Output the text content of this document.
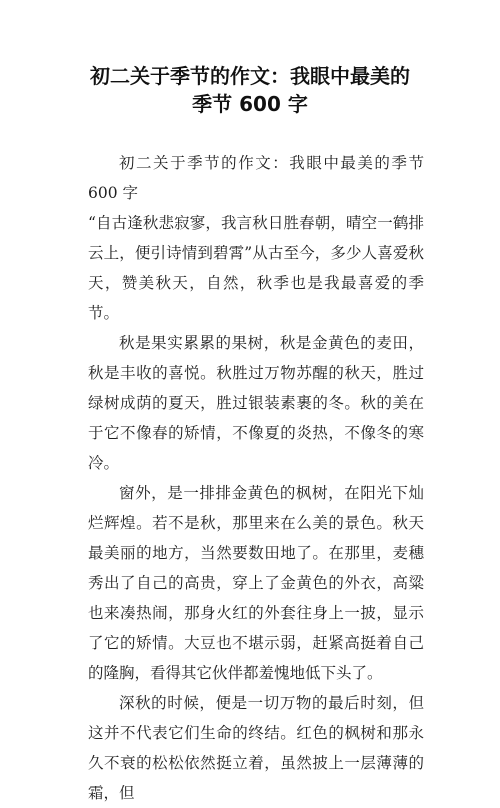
初二关于季节的作文：我眼中最美的
季节 600 字

初二关于季节的作文：我眼中最美的季节 600 字

“自古逢秋悲寂寥，我言秋日胜春朝，晴空一鹤排云上，便引诗情到碧霄”从古至今，多少人喜爱秋天，赞美秋天，自然，秋季也是我最喜爱的季节。

秋是果实累累的果树，秋是金黄色的麦田，秋是丰收的喜悦。秋胜过万物苏醒的秋天，胜过绿树成荫的夏天，胜过银装素裹的冬。秋的美在于它不像春的矫情，不像夏的炎热，不像冬的寒冷。

窗外，是一排排金黄色的枫树，在阳光下灿烂辉煌。若不是秋，那里来在么美的景色。秋天最美丽的地方，当然要数田地了。在那里，麦穗秀出了自己的高贵，穿上了金黄色的外衣，高粱也来凑热闹，那身火红的外套往身上一披，显示了它的矫情。大豆也不堪示弱，赶紧高挺着自己的隆胸，看得其它伙伴都羞愧地低下头了。

深秋的时候，便是一切万物的最后时刻，但这并不代表它们生命的终结。红色的枫树和那永久不衰的松松依然挺立着，虽然披上一层薄薄的霜，但
